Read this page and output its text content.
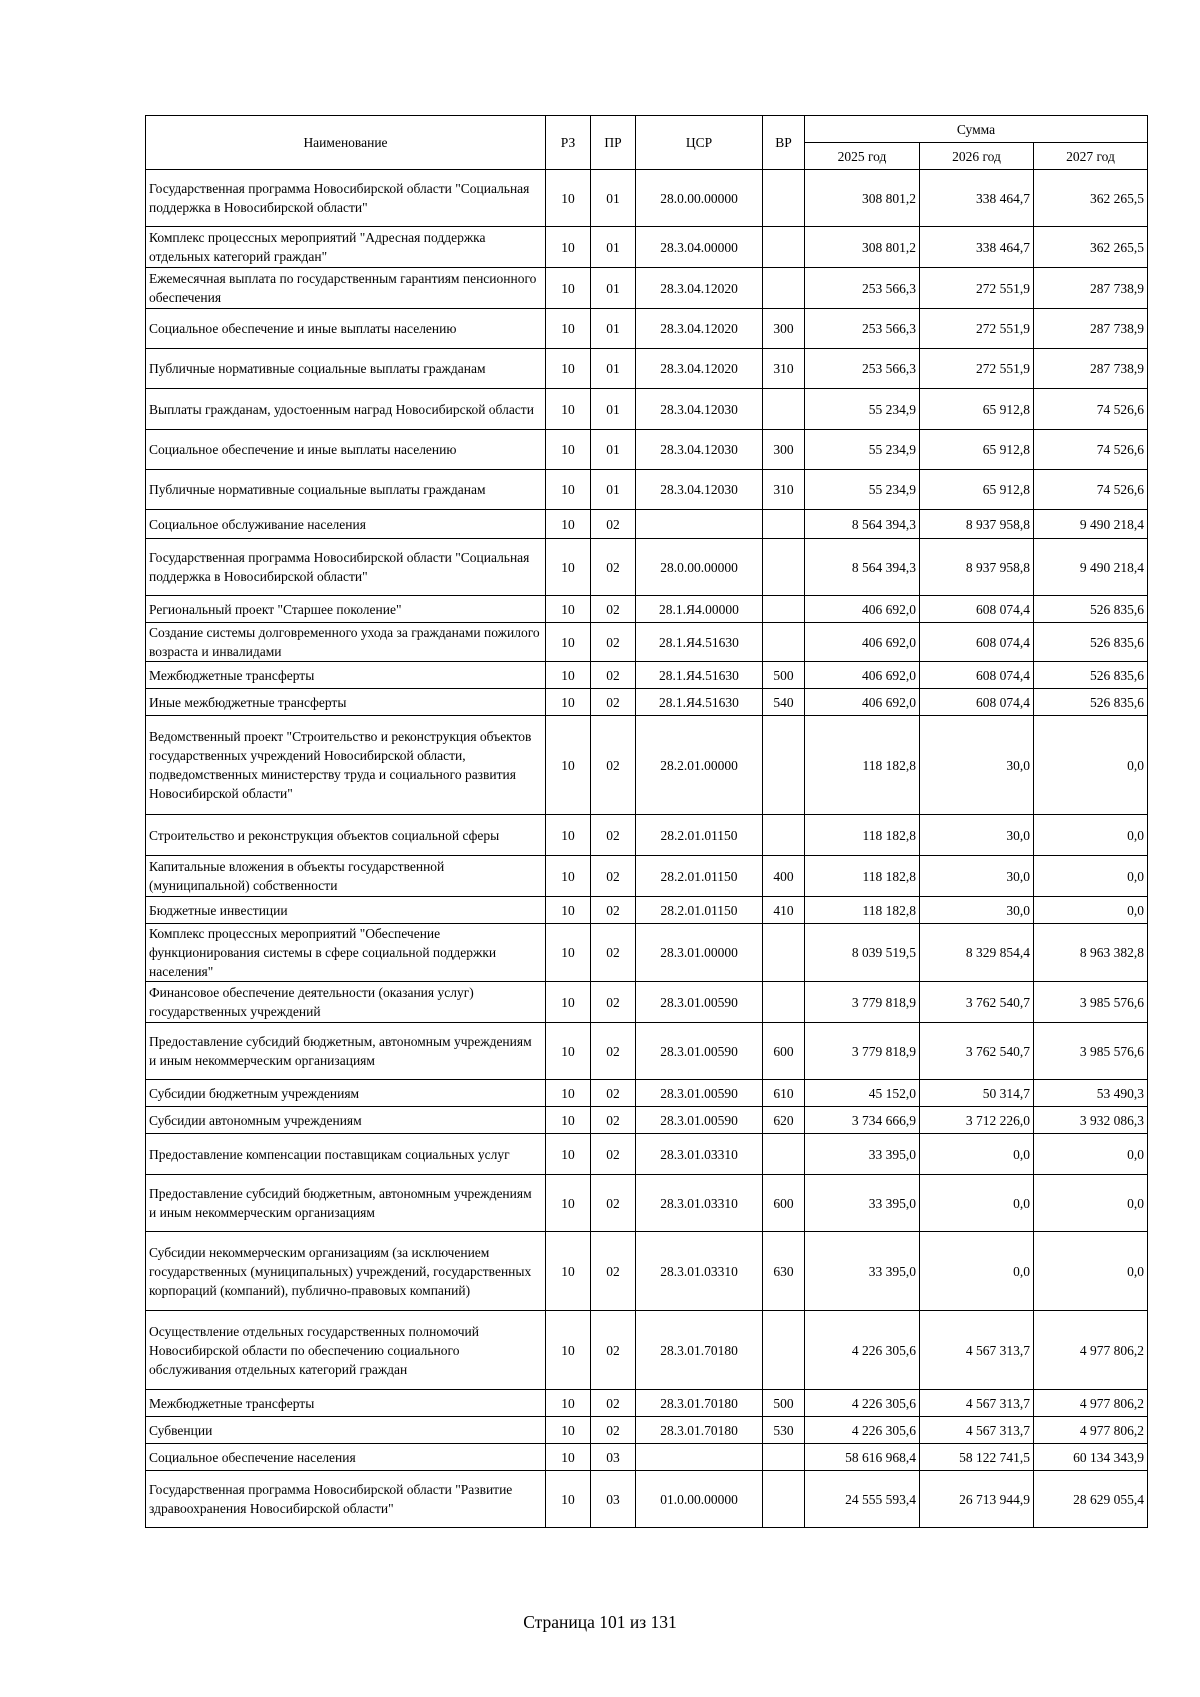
Наименование	РЗ	ПР	ЦСР	ВР	Сумма		
					2025 год	2026 год	2027 год
Государственная программа Новосибирской области "Социальная поддержка в Новосибирской области"	10	01	28.0.00.00000		308 801,2	338 464,7	362 265,5
Комплекс процессных мероприятий "Адресная поддержка отдельных категорий граждан"	10	01	28.3.04.00000		308 801,2	338 464,7	362 265,5
Ежемесячная выплата по государственным гарантиям пенсионного обеспечения	10	01	28.3.04.12020		253 566,3	272 551,9	287 738,9
Социальное обеспечение и иные выплаты населению	10	01	28.3.04.12020	300	253 566,3	272 551,9	287 738,9
Публичные нормативные социальные выплаты гражданам	10	01	28.3.04.12020	310	253 566,3	272 551,9	287 738,9
Выплаты гражданам, удостоенным наград Новосибирской области	10	01	28.3.04.12030		55 234,9	65 912,8	74 526,6
Социальное обеспечение и иные выплаты населению	10	01	28.3.04.12030	300	55 234,9	65 912,8	74 526,6
Публичные нормативные социальные выплаты гражданам	10	01	28.3.04.12030	310	55 234,9	65 912,8	74 526,6
Социальное обслуживание населения	10	02			8 564 394,3	8 937 958,8	9 490 218,4
Государственная программа Новосибирской области "Социальная поддержка в Новосибирской области"	10	02	28.0.00.00000		8 564 394,3	8 937 958,8	9 490 218,4
Региональный проект "Старшее поколение"	10	02	28.1.Я4.00000		406 692,0	608 074,4	526 835,6
Создание системы долговременного ухода за гражданами пожилого возраста и инвалидами	10	02	28.1.Я4.51630		406 692,0	608 074,4	526 835,6
Межбюджетные трансферты	10	02	28.1.Я4.51630	500	406 692,0	608 074,4	526 835,6
Иные межбюджетные трансферты	10	02	28.1.Я4.51630	540	406 692,0	608 074,4	526 835,6
Ведомственный проект "Строительство и реконструкция объектов государственных учреждений Новосибирской области, подведомственных министерству труда и социального развития Новосибирской области"	10	02	28.2.01.00000		118 182,8	30,0	0,0
Строительство и реконструкция объектов социальной сферы	10	02	28.2.01.01150		118 182,8	30,0	0,0
Капитальные вложения в объекты государственной (муниципальной) собственности	10	02	28.2.01.01150	400	118 182,8	30,0	0,0
Бюджетные инвестиции	10	02	28.2.01.01150	410	118 182,8	30,0	0,0
Комплекс процессных мероприятий "Обеспечение функционирования системы в сфере социальной поддержки населения"	10	02	28.3.01.00000		8 039 519,5	8 329 854,4	8 963 382,8
Финансовое обеспечение деятельности (оказания услуг) государственных учреждений	10	02	28.3.01.00590		3 779 818,9	3 762 540,7	3 985 576,6
Предоставление субсидий бюджетным, автономным учреждениям и иным некоммерческим организациям	10	02	28.3.01.00590	600	3 779 818,9	3 762 540,7	3 985 576,6
Субсидии бюджетным учреждениям	10	02	28.3.01.00590	610	45 152,0	50 314,7	53 490,3
Субсидии автономным учреждениям	10	02	28.3.01.00590	620	3 734 666,9	3 712 226,0	3 932 086,3
Предоставление компенсации поставщикам социальных услуг	10	02	28.3.01.03310		33 395,0	0,0	0,0
Предоставление субсидий бюджетным, автономным учреждениям и иным некоммерческим организациям	10	02	28.3.01.03310	600	33 395,0	0,0	0,0
Субсидии некоммерческим организациям (за исключением государственных (муниципальных) учреждений, государственных корпораций (компаний), публично-правовых компаний)	10	02	28.3.01.03310	630	33 395,0	0,0	0,0
Осуществление отдельных государственных полномочий Новосибирской области по обеспечению социального обслуживания отдельных категорий граждан	10	02	28.3.01.70180		4 226 305,6	4 567 313,7	4 977 806,2
Межбюджетные трансферты	10	02	28.3.01.70180	500	4 226 305,6	4 567 313,7	4 977 806,2
Субвенции	10	02	28.3.01.70180	530	4 226 305,6	4 567 313,7	4 977 806,2
Социальное обеспечение населения	10	03			58 616 968,4	58 122 741,5	60 134 343,9
Государственная программа Новосибирской области "Развитие здравоохранения Новосибирской области"	10	03	01.0.00.00000		24 555 593,4	26 713 944,9	28 629 055,4
Страница 101 из 131
